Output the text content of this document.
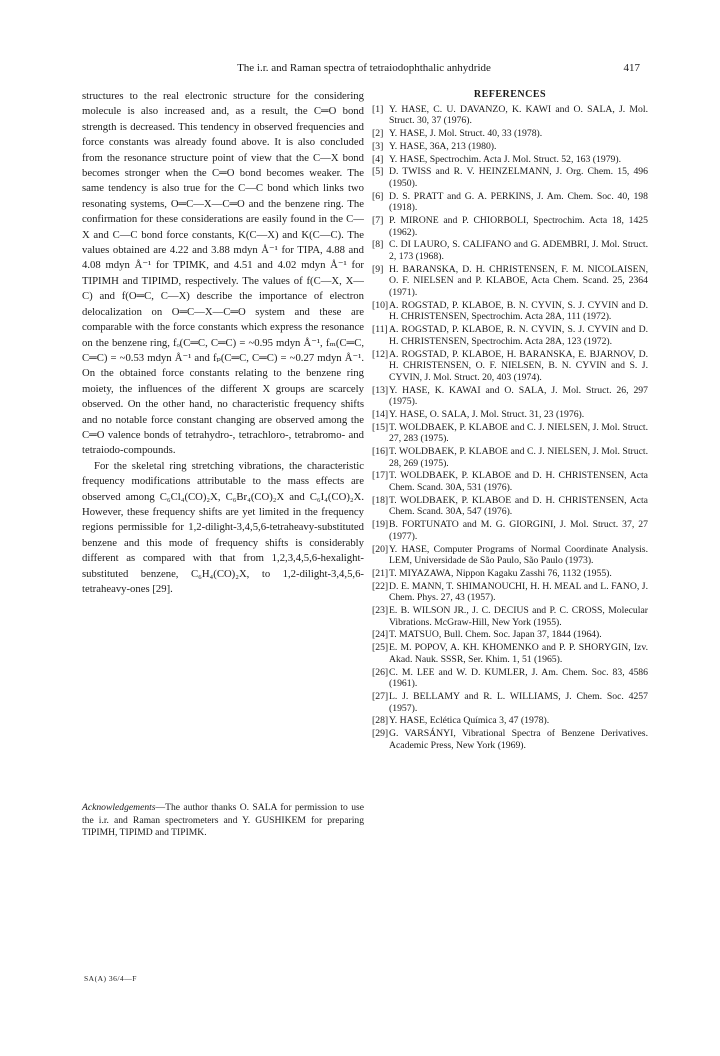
The i.r. and Raman spectra of tetraiodophthalic anhydride	417

structures to the real electronic structure for the considering molecule is also increased and, as a result, the C═O bond strength is decreased. This tendency in observed frequencies and force constants was already found above. It is also concluded from the resonance structure point of view that the C—X bond becomes stronger when the C═O bond becomes weaker. The same tendency is also true for the C—C bond which links two resonating systems, O═C—X—C═O and the benzene ring. The confirmation for these considerations are easily found in the C—X and C—C bond force constants, K(C—X) and K(C—C). The values obtained are 4.22 and 3.88 mdyn Å⁻¹ for TIPA, 4.88 and 4.08 mdyn Å⁻¹ for TPIMK, and 4.51 and 4.02 mdyn Å⁻¹ for TIPIMH and TIPIMD, respectively. The values of f(C—X, X—C) and f(O═C, C—X) describe the importance of electron delocalization on O═C—X—C═O system and these are comparable with the force constants which express the resonance on the benzene ring, fₒ(C═C, C═C) = ~0.95 mdyn Å⁻¹, fₘ(C═C, C═C) = ~0.53 mdyn Å⁻¹ and fₚ(C═C, C═C) = ~0.27 mdyn Å⁻¹. On the obtained force constants relating to the benzene ring moiety, the influences of the different X groups are scarcely observed. On the other hand, no characteristic frequency shifts and no notable force constant changing are observed among the C═O valence bonds of tetrahydro-, tetrachloro-, tetrabromo- and tetraiodo-compounds.

For the skeletal ring stretching vibrations, the characteristic frequency modifications attributable to the mass effects are observed among C₆Cl₄(CO)₂X, C₆Br₄(CO)₂X and C₆I₄(CO)₂X. However, these frequency shifts are yet limited in the frequency regions permissible for 1,2-dilight-3,4,5,6-tetraheavy-substituted benzene and this mode of frequency shifts is considerably different as compared with that from 1,2,3,4,5,6-hexalight-substituted benzene, C₆H₄(CO)₂X, to 1,2-dilight-3,4,5,6-tetraheavy-ones [29].

Acknowledgements—The author thanks O. SALA for permission to use the i.r. and Raman spectrometers and Y. GUSHIKEM for preparing TIPIMH, TIPIMD and TIPIMK.
REFERENCES
[1] Y. HASE, C. U. DAVANZO, K. KAWI and O. SALA, J. Mol. Struct. 30, 37 (1976).
[2] Y. HASE, J. Mol. Struct. 40, 33 (1978).
[3] Y. HASE, 36A, 213 (1980).
[4] Y. HASE, Spectrochim. Acta J. Mol. Struct. 52, 163 (1979).
[5] D. TWISS and R. V. HEINZELMANN, J. Org. Chem. 15, 496 (1950).
[6] D. S. PRATT and G. A. PERKINS, J. Am. Chem. Soc. 40, 198 (1918).
[7] P. MIRONE and P. CHIORBOLI, Spectrochim. Acta 18, 1425 (1962).
[8] C. DI LAURO, S. CALIFANO and G. ADEMBRI, J. Mol. Struct. 2, 173 (1968).
[9] H. BARANSKA, D. H. CHRISTENSEN, F. M. NICOLAISEN, O. F. NIELSEN and P. KLABOE, Acta Chem. Scand. 25, 2364 (1971).
[10] A. ROGSTAD, P. KLABOE, B. N. CYVIN, S. J. CYVIN and D. H. CHRISTENSEN, Spectrochim. Acta 28A, 111 (1972).
[11] A. ROGSTAD, P. KLABOE, R. N. CYVIN, S. J. CYVIN and D. H. CHRISTENSEN, Spectrochim. Acta 28A, 123 (1972).
[12] A. ROGSTAD, P. KLABOE, H. BARANSKA, E. BJARNOV, D. H. CHRISTENSEN, O. F. NIELSEN, B. N. CYVIN and S. J. CYVIN, J. Mol. Struct. 20, 403 (1974).
[13] Y. HASE, K. KAWAI and O. SALA, J. Mol. Struct. 26, 297 (1975).
[14] Y. HASE, O. SALA, J. Mol. Struct. 31, 23 (1976).
[15] T. WOLDBAEK, P. KLABOE and C. J. NIELSEN, J. Mol. Struct. 27, 283 (1975).
[16] T. WOLDBAEK, P. KLABOE and C. J. NIELSEN, J. Mol. Struct. 28, 269 (1975).
[17] T. WOLDBAEK, P. KLABOE and D. H. CHRISTENSEN, Acta Chem. Scand. 30A, 531 (1976).
[18] T. WOLDBAEK, P. KLABOE and D. H. CHRISTENSEN, Acta Chem. Scand. 30A, 547 (1976).
[19] B. FORTUNATO and M. G. GIORGINI, J. Mol. Struct. 37, 27 (1977).
[20] Y. HASE, Computer Programs of Normal Coordinate Analysis. LEM, Universidade de São Paulo, São Paulo (1973).
[21] T. MIYAZAWA, Nippon Kagaku Zasshi 76, 1132 (1955).
[22] D. E. MANN, T. SHIMANOUCHI, H. H. MEAL and L. FANO, J. Chem. Phys. 27, 43 (1957).
[23] E. B. WILSON JR., J. C. DECIUS and P. C. CROSS, Molecular Vibrations. McGraw-Hill, New York (1955).
[24] T. MATSUO, Bull. Chem. Soc. Japan 37, 1844 (1964).
[25] E. M. POPOV, A. KH. KHOMENKO and P. P. SHORYGIN, Izv. Akad. Nauk. SSSR, Ser. Khim. 1, 51 (1965).
[26] C. M. LEE and W. D. KUMLER, J. Am. Chem. Soc. 83, 4586 (1961).
[27] L. J. BELLAMY and R. L. WILLIAMS, J. Chem. Soc. 4257 (1957).
[28] Y. HASE, Eclética Química 3, 47 (1978).
[29] G. VARSÁNYI, Vibrational Spectra of Benzene Derivatives. Academic Press, New York (1969).
SA(A) 36/4—F
